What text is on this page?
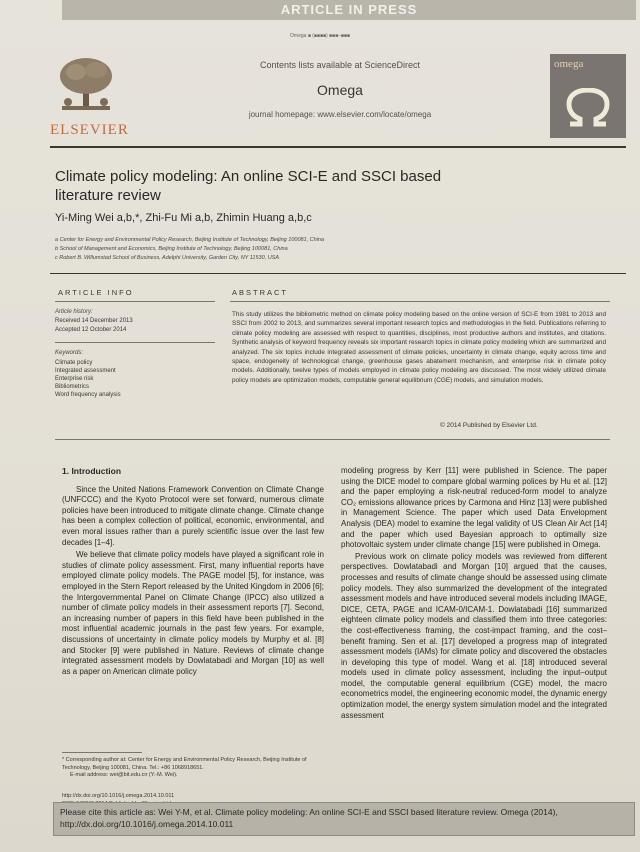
ARTICLE IN PRESS
Omega ■ (■■■■) ■■■–■■■
ELSEVIER
Contents lists available at ScienceDirect
Omega
journal homepage: www.elsevier.com/locate/omega
omega
Climate policy modeling: An online SCI-E and SSCI based literature review
Yi-Ming Wei a,b,*, Zhi-Fu Mi a,b, Zhimin Huang a,b,c
a Center for Energy and Environmental Policy Research, Beijing Institute of Technology, Beijing 100081, China
b School of Management and Economics, Beijing Institute of Technology, Beijing 100081, China
c Robert B. Willumstad School of Business, Adelphi University, Garden City, NY 11530, USA
ARTICLE INFO
Article history:
Received 14 December 2013
Accepted 12 October 2014
Keywords:
Climate policy
Integrated assessment
Enterprise risk
Bibliometrics
Word frequency analysis
ABSTRACT
This study utilizes the bibliometric method on climate policy modeling based on the online version of SCI-E from 1981 to 2013 and SSCI from 2002 to 2013, and summarizes several important research topics and methodologies in the field. Publications referring to climate policy modeling are assessed with respect to quantities, disciplines, most productive authors and institutes, and citations. Synthetic analysis of keyword frequency reveals six important research topics in climate policy modeling which are summarized and analyzed. The six topics include integrated assessment of climate policies, uncertainty in climate change, equity across time and space, endogeneity of technological change, greenhouse gases abatement mechanism, and enterprise risk in climate policy models. Additionally, twelve types of models employed in climate policy modeling are discussed. The most widely utilized climate policy models are optimization models, computable general equilibrium (CGE) models, and simulation models.
© 2014 Published by Elsevier Ltd.
1. Introduction

Since the United Nations Framework Convention on Climate Change (UNFCCC) and the Kyoto Protocol were set forward, numerous climate policies have been introduced to mitigate climate change. Climate change has been a complex collection of political, economic, environmental, and even moral issues rather than a purely scientific issue over the last few decades [1–4].

We believe that climate policy models have played a significant role in studies of climate policy assessment. First, many influential reports have employed climate policy models. The PAGE model [5], for instance, was employed in the Stern Report released by the United Kingdom in 2006 [6]; the Intergovernmental Panel on Climate Change (IPCC) also utilized a number of climate policy models in their assessment reports [7]. Second, an increasing number of papers in this field have been published in the most influential academic journals in the past few years. For example, discussions of uncertainty in climate policy models by Murphy et al. [8] and Stocker [9] were published in Nature. Reviews of climate change integrated assessment models by Dowlatabadi and Morgan [10] as well as a paper on American climate policy

modeling progress by Kerr [11] were published in Science. The paper using the DICE model to compare global warming polices by Hu et al. [12] and the paper employing a risk-neutral reduced-form model to analyze CO₂ emissions allowance prices by Carmona and Hinz [13] were published in Management Science. The paper which used Data Envelopment Analysis (DEA) model to examine the legal validity of US Clean Air Act [14] and the paper which used Bayesian approach to optimally size photovoltaic system under climate change [15] were published in Omega.

Previous work on climate policy models was reviewed from different perspectives. Dowlatabadi and Morgan [10] argued that the causes, processes and results of climate change should be assessed using climate policy models. They also summarized the development of the integrated assessment models and have introduced several models including IMAGE, DICE, CETA, PAGE and ICAM-0/ICAM-1. Dowlatabadi [16] summarized eighteen climate policy models and classified them into three categories: the cost-effectiveness framing, the cost-impact framing, and the cost–benefit framing. Sen et al. [17] developed a progress map of integrated assessment models (IAMs) for climate policy and discovered the obstacles in developing this type of model. Wang et al. [18] introduced several models used in climate policy assessment, including the input–output model, the computable general equilibrium (CGE) model, the macro econometrics model, the engineering economic model, the dynamic energy optimization model, the energy system simulation model and the integrated assessment

* Corresponding author at: Center for Energy and Environmental Policy Research, Beijing Institute of Technology, Beijing 100081, China. Tel.: +86 1068918651.
E-mail address: wei@bit.edu.cn (Y.-M. Wei).
http://dx.doi.org/10.1016/j.omega.2014.10.011
Please cite this article as: Wei Y-M, et al. Climate policy modeling: An online SCI-E and SSCI based literature review. Omega (2014), http://dx.doi.org/10.1016/j.omega.2014.10.011
